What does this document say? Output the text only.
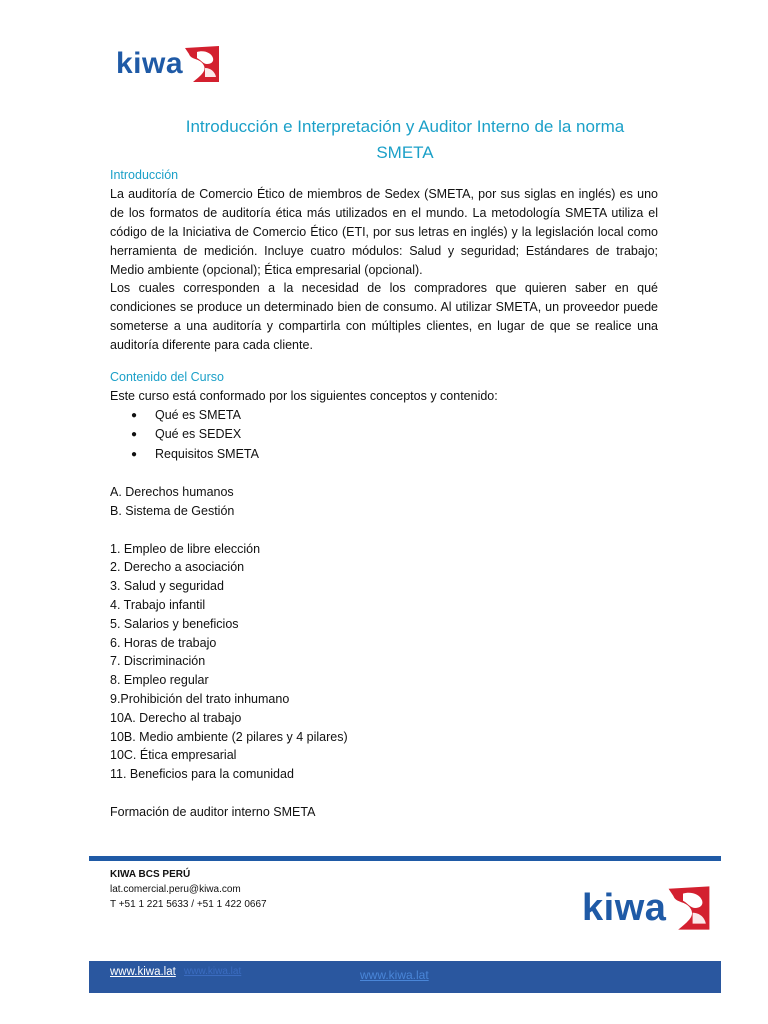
kiwa
Introducción e Interpretación y Auditor Interno de la norma
SMETA

Introducción

La auditoría de Comercio Ético de miembros de Sedex (SMETA, por sus siglas en inglés) es uno de los formatos de auditoría ética más utilizados en el mundo. La metodología SMETA utiliza el código de la Iniciativa de Comercio Ético (ETI, por sus letras en inglés) y la legislación local como herramienta de medición. Incluye cuatro módulos: Salud y seguridad; Estándares de trabajo; Medio ambiente (opcional); Ética empresarial (opcional).

Los cuales corresponden a la necesidad de los compradores que quieren saber en qué condiciones se produce un determinado bien de consumo. Al utilizar SMETA, un proveedor puede someterse a una auditoría y compartirla con múltiples clientes, en lugar de que se realice una auditoría diferente para cada cliente.

Contenido del Curso

Este curso está conformado por los siguientes conceptos y contenido:

● Qué es SMETA
● Qué es SEDEX
● Requisitos SMETA
A. Derechos humanos
B. Sistema de Gestión
1. Empleo de libre elección
2. Derecho a asociación
3. Salud y seguridad
4. Trabajo infantil
5. Salarios y beneficios
6. Horas de trabajo
7. Discriminación
8. Empleo regular
9.Prohibición del trato inhumano
10A. Derecho al trabajo
10B. Medio ambiente (2 pilares y 4 pilares)
10C. Ética empresarial
11. Beneficios para la comunidad

Formación de auditor interno SMETA

KIWA BCS PERÚ
lat.comercial.peru@kiwa.com
T +51 1 221 5633 / +51 1 422 0667	kiwa
www.kiwa.lat www.kiwa.lat	www.kiwa.lat
